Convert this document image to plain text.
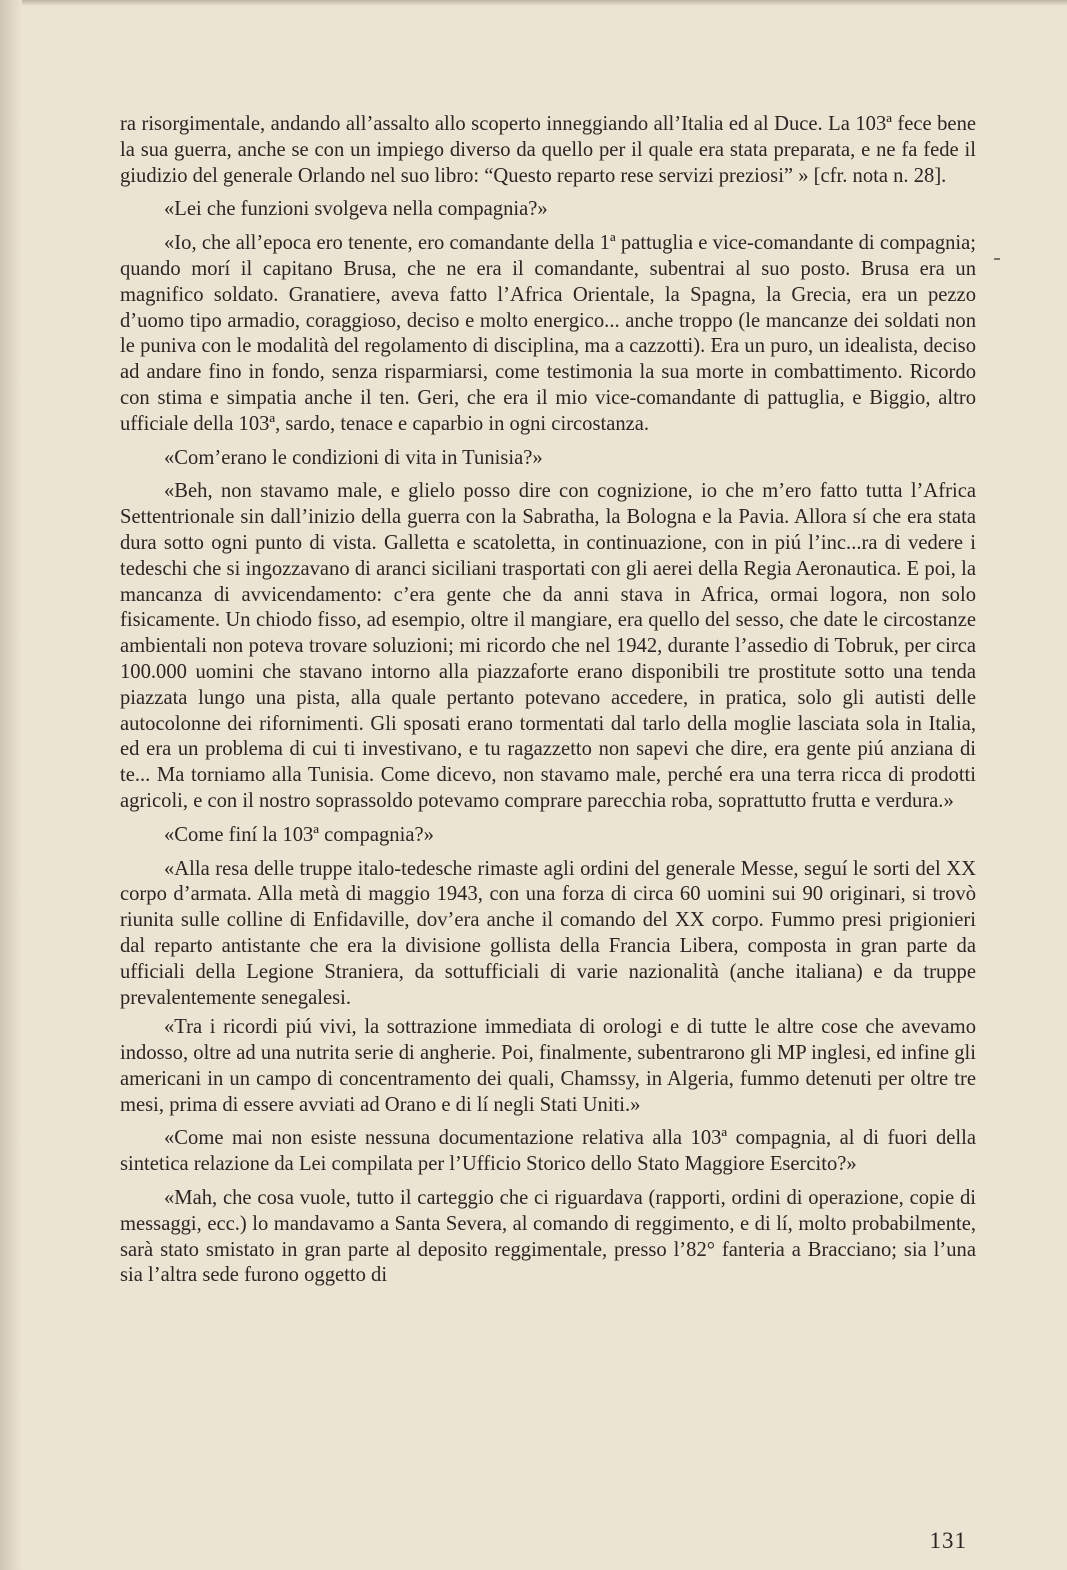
ra risorgimentale, andando all’assalto allo scoperto inneggiando all’Italia ed al Duce. La 103ª fece bene la sua guerra, anche se con un impiego diverso da quello per il quale era stata preparata, e ne fa fede il giudizio del generale Orlando nel suo libro: “Questo reparto rese servizi preziosi” » [cfr. nota n. 28].

«Lei che funzioni svolgeva nella compagnia?»

«Io, che all’epoca ero tenente, ero comandante della 1ª pattuglia e vice-comandante di compagnia; quando morí il capitano Brusa, che ne era il comandante, subentrai al suo posto. Brusa era un magnifico soldato. Granatiere, aveva fatto l’Africa Orientale, la Spagna, la Grecia, era un pezzo d’uomo tipo armadio, coraggioso, deciso e molto energico... anche troppo (le mancanze dei soldati non le puniva con le modalità del regolamento di disciplina, ma a cazzotti). Era un puro, un idealista, deciso ad andare fino in fondo, senza risparmiarsi, come testimonia la sua morte in combattimento. Ricordo con stima e simpatia anche il ten. Geri, che era il mio vice-comandante di pattuglia, e Biggio, altro ufficiale della 103ª, sardo, tenace e caparbio in ogni circostanza.

«Com’erano le condizioni di vita in Tunisia?»

«Beh, non stavamo male, e glielo posso dire con cognizione, io che m’ero fatto tutta l’Africa Settentrionale sin dall’inizio della guerra con la Sabratha, la Bologna e la Pavia. Allora sí che era stata dura sotto ogni punto di vista. Galletta e scatoletta, in continuazione, con in piú l’inc...ra di vedere i tedeschi che si ingozzavano di aranci siciliani trasportati con gli aerei della Regia Aeronautica. E poi, la mancanza di avvicendamento: c’era gente che da anni stava in Africa, ormai logora, non solo fisicamente. Un chiodo fisso, ad esempio, oltre il mangiare, era quello del sesso, che date le circostanze ambientali non poteva trovare soluzioni; mi ricordo che nel 1942, durante l’assedio di Tobruk, per circa 100.000 uomini che stavano intorno alla piazzaforte erano disponibili tre prostitute sotto una tenda piazzata lungo una pista, alla quale pertanto potevano accedere, in pratica, solo gli autisti delle autocolonne dei rifornimenti. Gli sposati erano tormentati dal tarlo della moglie lasciata sola in Italia, ed era un problema di cui ti investivano, e tu ragazzetto non sapevi che dire, era gente piú anziana di te... Ma torniamo alla Tunisia. Come dicevo, non stavamo male, perché era una terra ricca di prodotti agricoli, e con il nostro soprassoldo potevamo comprare parecchia roba, soprattutto frutta e verdura.»

«Come finí la 103ª compagnia?»

«Alla resa delle truppe italo-tedesche rimaste agli ordini del generale Messe, seguí le sorti del XX corpo d’armata. Alla metà di maggio 1943, con una forza di circa 60 uomini sui 90 originari, si trovò riunita sulle colline di Enfidaville, dov’era anche il comando del XX corpo. Fummo presi prigionieri dal reparto antistante che era la divisione gollista della Francia Libera, composta in gran parte da ufficiali della Legione Straniera, da sottufficiali di varie nazionalità (anche italiana) e da truppe prevalentemente senegalesi.

«Tra i ricordi piú vivi, la sottrazione immediata di orologi e di tutte le altre cose che avevamo indosso, oltre ad una nutrita serie di angherie. Poi, finalmente, subentrarono gli MP inglesi, ed infine gli americani in un campo di concentramento dei quali, Chamssy, in Algeria, fummo detenuti per oltre tre mesi, prima di essere avviati ad Orano e di lí negli Stati Uniti.»

«Come mai non esiste nessuna documentazione relativa alla 103ª compagnia, al di fuori della sintetica relazione da Lei compilata per l’Ufficio Storico dello Stato Maggiore Esercito?»

«Mah, che cosa vuole, tutto il carteggio che ci riguardava (rapporti, ordini di operazione, copie di messaggi, ecc.) lo mandavamo a Santa Severa, al comando di reggimento, e di lí, molto probabilmente, sarà stato smistato in gran parte al deposito reggimentale, presso l’82° fanteria a Bracciano; sia l’una sia l’altra sede furono oggetto di

131
